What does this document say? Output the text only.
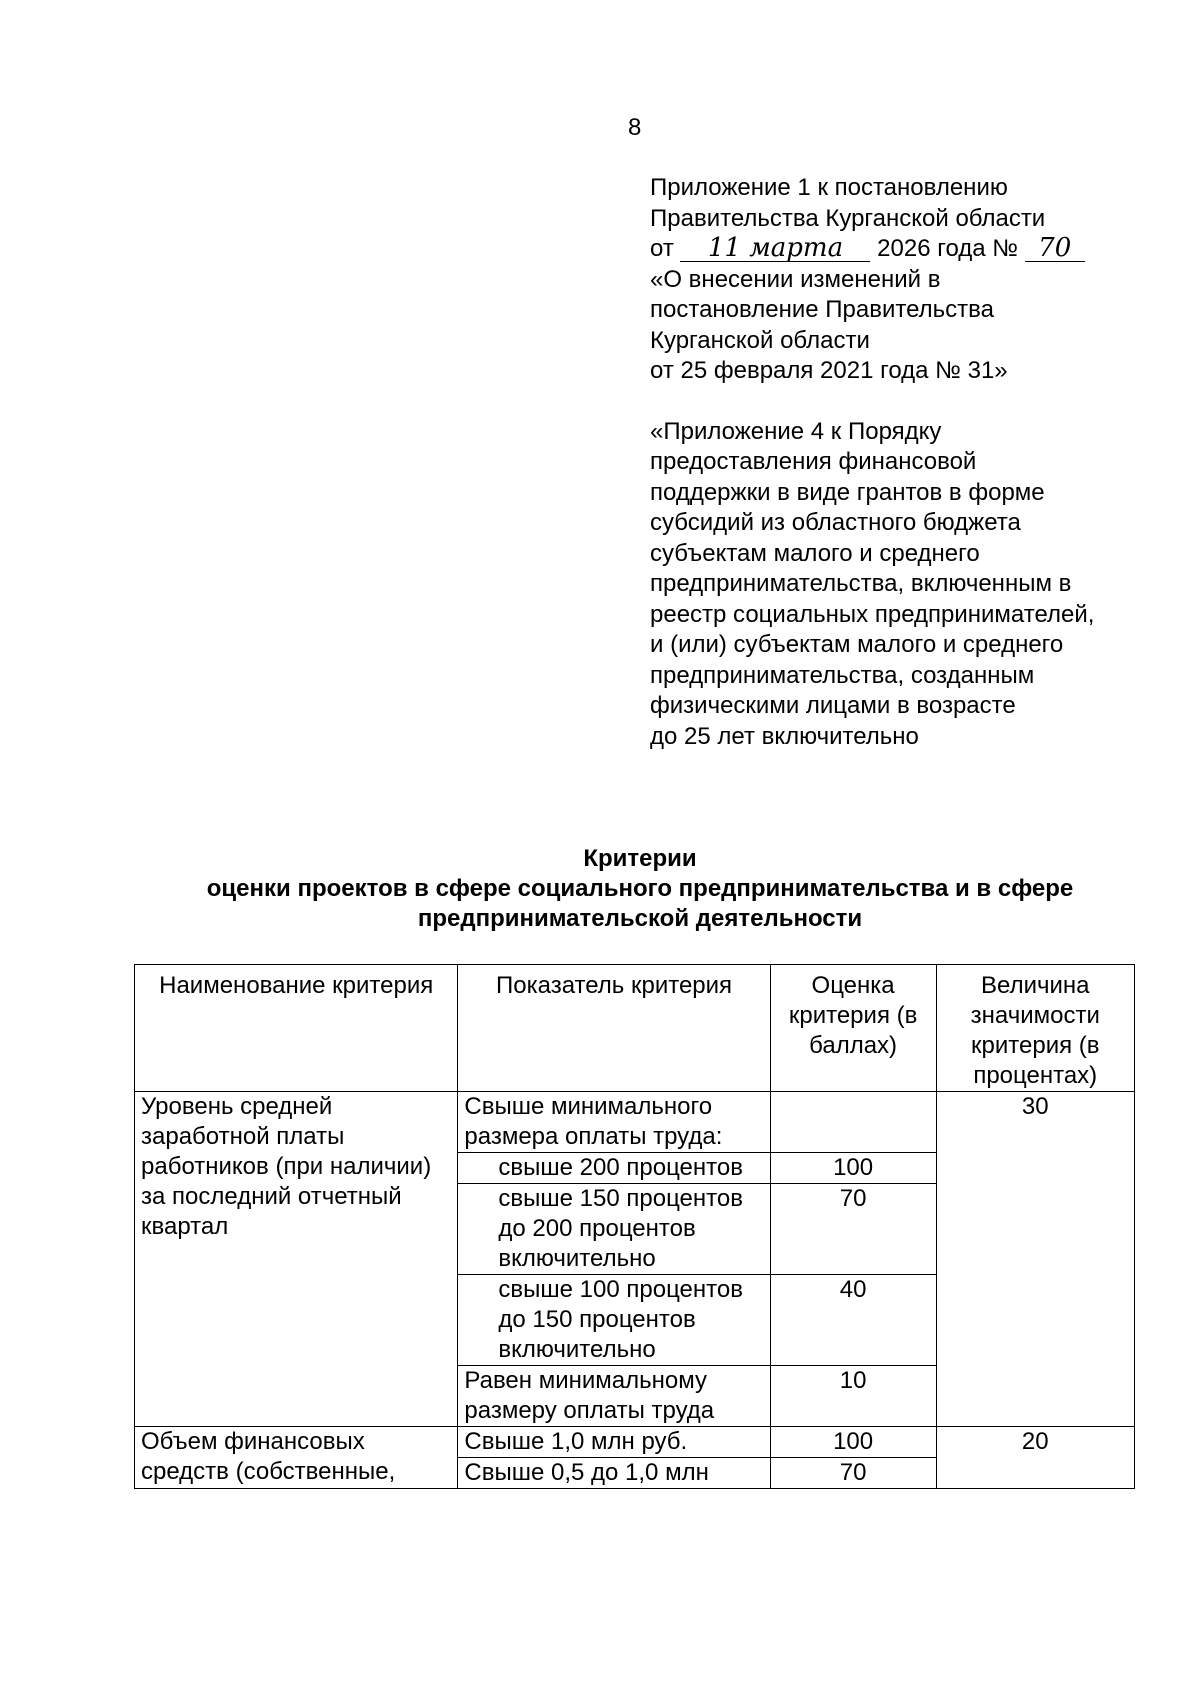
8

Приложение 1 к постановлению

Правительства Курганской области

от 11 марта 2026 года № 70

«О внесении изменений в

постановление Правительства

Курганской области

от 25 февраля 2021 года № 31»

«Приложение 4 к Порядку

предоставления финансовой

поддержки в виде грантов в форме

субсидий из областного бюджета

субъектам малого и среднего

предпринимательства, включенным в

реестр социальных предпринимателей,

и (или) субъектам малого и среднего

предпринимательства, созданным

физическими лицами в возрасте

до 25 лет включительно

Критерии
оценки проектов в сфере социального предпринимательства и в сфере
предпринимательской деятельности
Наименование критерия	Показатель критерия	Оценка критерия (в баллах)	Величина значимости критерия (в процентах)
Уровень средней заработной платы работников (при наличии) за последний отчетный квартал	Свыше минимального размера оплаты труда:		30
	свыше 200 процентов	100	
	свыше 150 процентов до 200 процентов включительно	70	
	свыше 100 процентов до 150 процентов включительно	40	
	Равен минимальному размеру оплаты труда	10	
Объем финансовых средств (собственные,	Свыше 1,0 млн руб.	100	20
	Свыше 0,5 до 1,0 млн	70	
